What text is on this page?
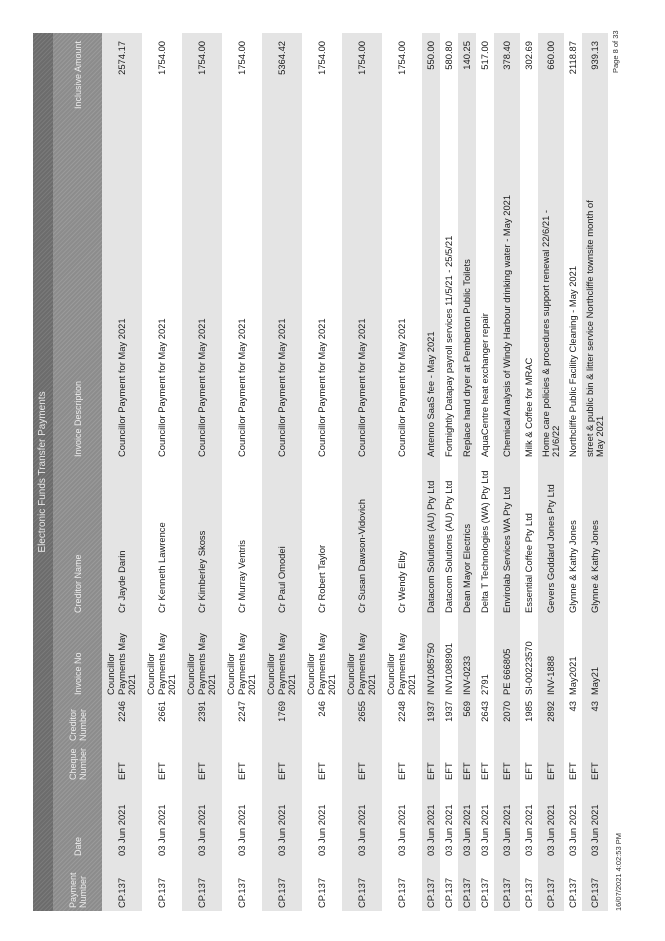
Electronic Funds Transfer Payments
Payment Number
Date
Cheque Number
Creditor Number
Invoice No
Creditor Name
Invoice Description
Inclusive Amount
CP.137
03 Jun 2021
EFT
2246
Councillor Payments May 2021
Cr Jayde Darin
Councillor Payment for May 2021
2574.17
CP.137
03 Jun 2021
EFT
2661
Councillor Payments May 2021
Cr Kenneth Lawrence
Councillor Payment for May 2021
1754.00
CP.137
03 Jun 2021
EFT
2391
Councillor Payments May 2021
Cr Kimberley Skoss
Councillor Payment for May 2021
1754.00
CP.137
03 Jun 2021
EFT
2247
Councillor Payments May 2021
Cr Murray Ventris
Councillor Payment for May 2021
1754.00
CP.137
03 Jun 2021
EFT
1769
Councillor Payments May 2021
Cr Paul Omodei
Councillor Payment for May 2021
5364.42
CP.137
03 Jun 2021
EFT
246
Councillor Payments May 2021
Cr Robert Taylor
Councillor Payment for May 2021
1754.00
CP.137
03 Jun 2021
EFT
2655
Councillor Payments May 2021
Cr Susan Dawson-Vidovich
Councillor Payment for May 2021
1754.00
CP.137
03 Jun 2021
EFT
2248
Councillor Payments May 2021
Cr Wendy Elby
Councillor Payment for May 2021
1754.00
CP.137
03 Jun 2021
EFT
1937
INV1085750
Datacom Solutions (AU) Pty Ltd
Antenno SaaS fee - May 2021
550.00
CP.137
03 Jun 2021
EFT
1937
INV1088901
Datacom Solutions (AU) Pty Ltd
Fortnightly Datapay payroll services 11/5/21 - 25/5/21
580.80
CP.137
03 Jun 2021
EFT
569
INV-0233
Dean Mayor Electrics
Replace hand dryer at Pemberton Public Toilets
140.25
CP.137
03 Jun 2021
EFT
2643
2791
Delta T Technologies (WA) Pty Ltd
AquaCentre heat exchanger repair
517.00
CP.137
03 Jun 2021
EFT
2070
PE 666805
Envirolab Services WA Pty Ltd
Chemical Analysis of Windy Harbour drinking water - May 2021
378.40
CP.137
03 Jun 2021
EFT
1985
SI-00223570
Essential Coffee Pty Ltd
Milk & Coffee for MRAC
302.69
CP.137
03 Jun 2021
EFT
2892
INV-1888
Gevers Goddard Jones Pty Ltd
Home care policies & procedures support renewal 22/6/21 - 21/6/22
660.00
CP.137
03 Jun 2021
EFT
43
May2021
Glynne & Kathy Jones
Northcliffe Public Facility Cleaning - May 2021
2118.87
CP.137
03 Jun 2021
EFT
43
May21
Glynne & Kathy Jones
street & public bin & litter service Northcliffe townsite month of May 2021
939.13
16/07/2021 4:02:53 PM
Page 8 of 33
